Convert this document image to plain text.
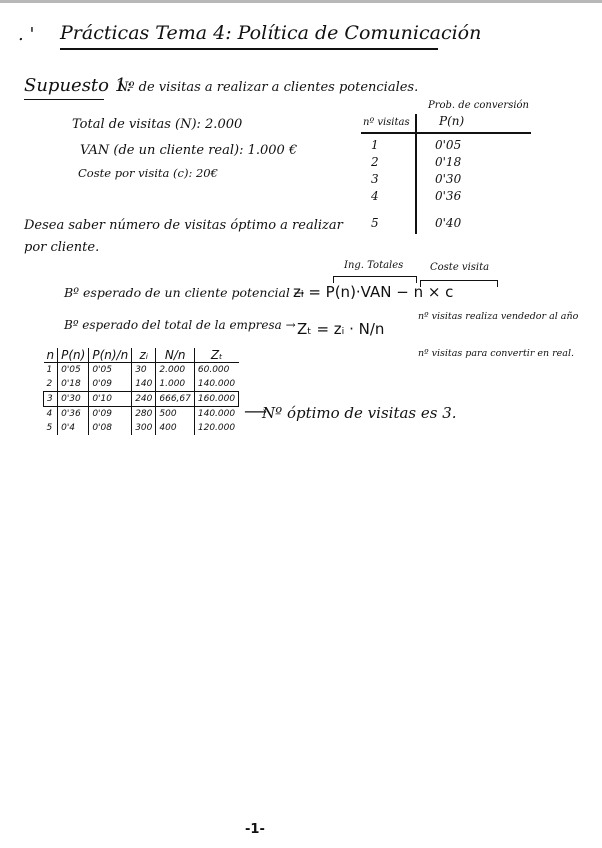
. ' Prácticas Tema 4: Política de Comunicación
Supuesto 1:
Nº de visitas a realizar a clientes potenciales.
Total de visitas (N): 2.000
VAN (de un cliente real): 1.000 €
Coste por visita (c): 20€
Prob. de conversión
nº visitas P(n)
1	0'05
2	0'18
3	0'30
4	0'36
5	0'40
Desea saber número de visitas óptimo a realizar
por cliente.
Ing. Totales	Coste visita
Bº esperado de un cliente potencial →
zᵢ = P(n)·VAN − n × c
Bº esperado del total de la empresa → Zₜ = zᵢ · N/n
nº visitas realiza vendedor al año
nº visitas para convertir en real.
n	P(n)	P(n)/n	zᵢ	N/n	Zₜ
1	0'05	0'05	30	2.000	60.000
2	0'18	0'09	140	1.000	140.000
3	0'30	0'10	240	666,67	160.000
4	0'36	0'09	280	500	140.000
5	0'4	0'08	300	400	120.000
Nº óptimo de visitas es 3.
-1-
⟶
